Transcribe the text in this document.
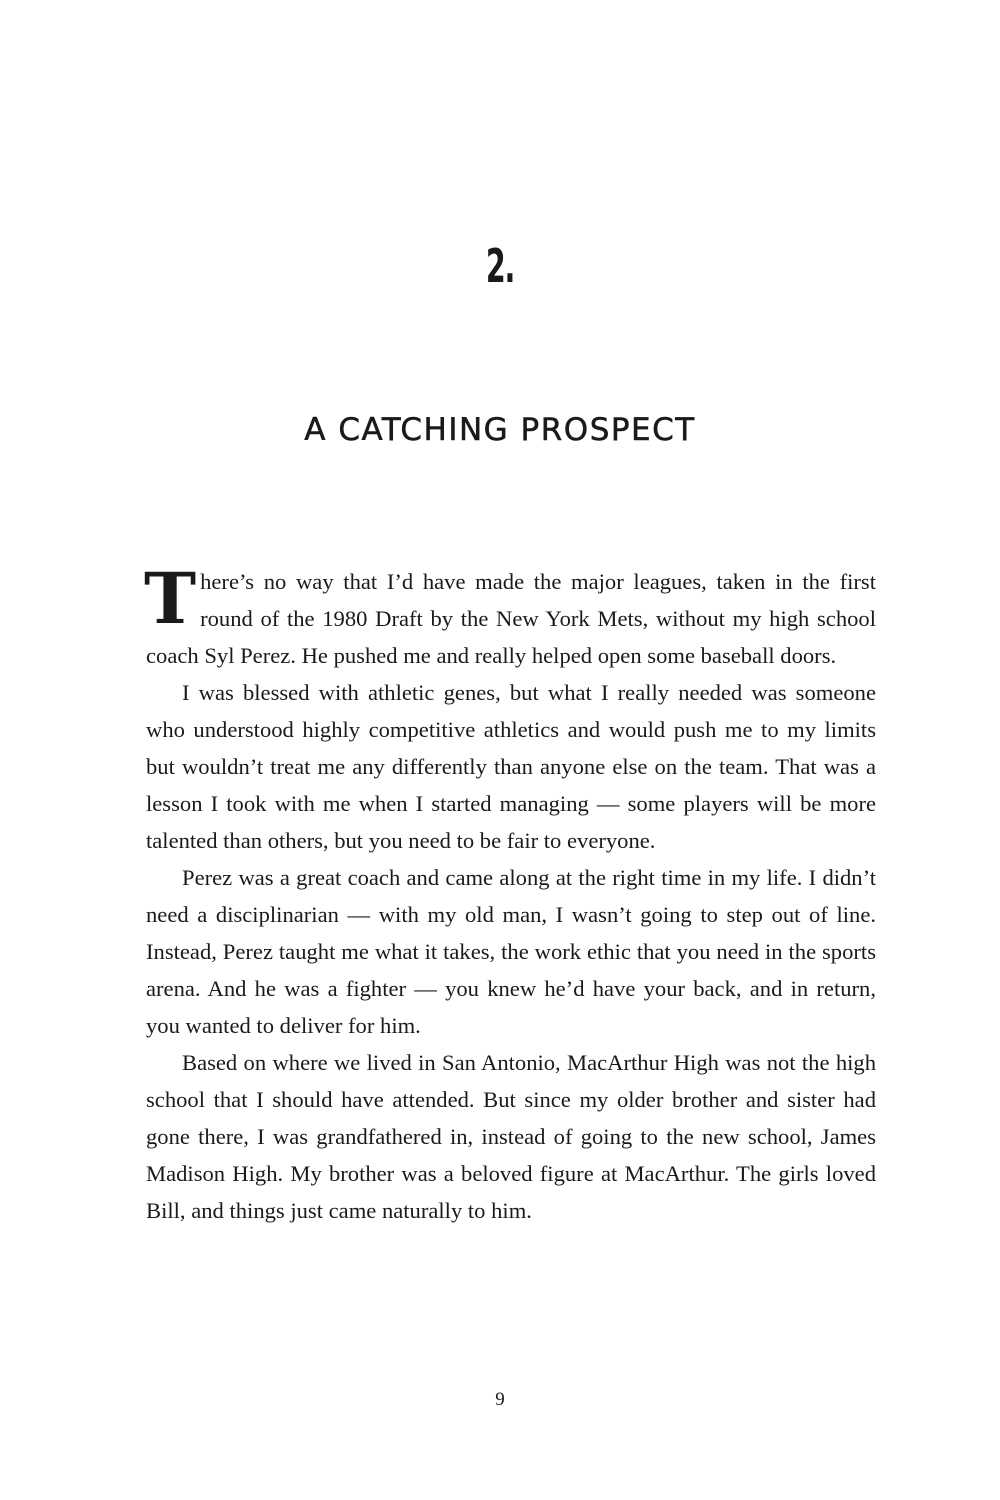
2.
A CATCHING PROSPECT

There’s no way that I’d have made the major leagues, taken in the first round of the 1980 Draft by the New York Mets, without my high school coach Syl Perez. He pushed me and really helped open some baseball doors.

I was blessed with athletic genes, but what I really needed was someone who understood highly competitive athletics and would push me to my limits but wouldn’t treat me any differently than anyone else on the team. That was a lesson I took with me when I started managing — some players will be more talented than others, but you need to be fair to everyone.

Perez was a great coach and came along at the right time in my life. I didn’t need a disciplinarian — with my old man, I wasn’t going to step out of line. Instead, Perez taught me what it takes, the work ethic that you need in the sports arena. And he was a fighter — you knew he’d have your back, and in return, you wanted to deliver for him.

Based on where we lived in San Antonio, MacArthur High was not the high school that I should have attended. But since my older brother and sister had gone there, I was grandfathered in, instead of going to the new school, James Madison High. My brother was a beloved figure at MacArthur. The girls loved Bill, and things just came naturally to him.

9
